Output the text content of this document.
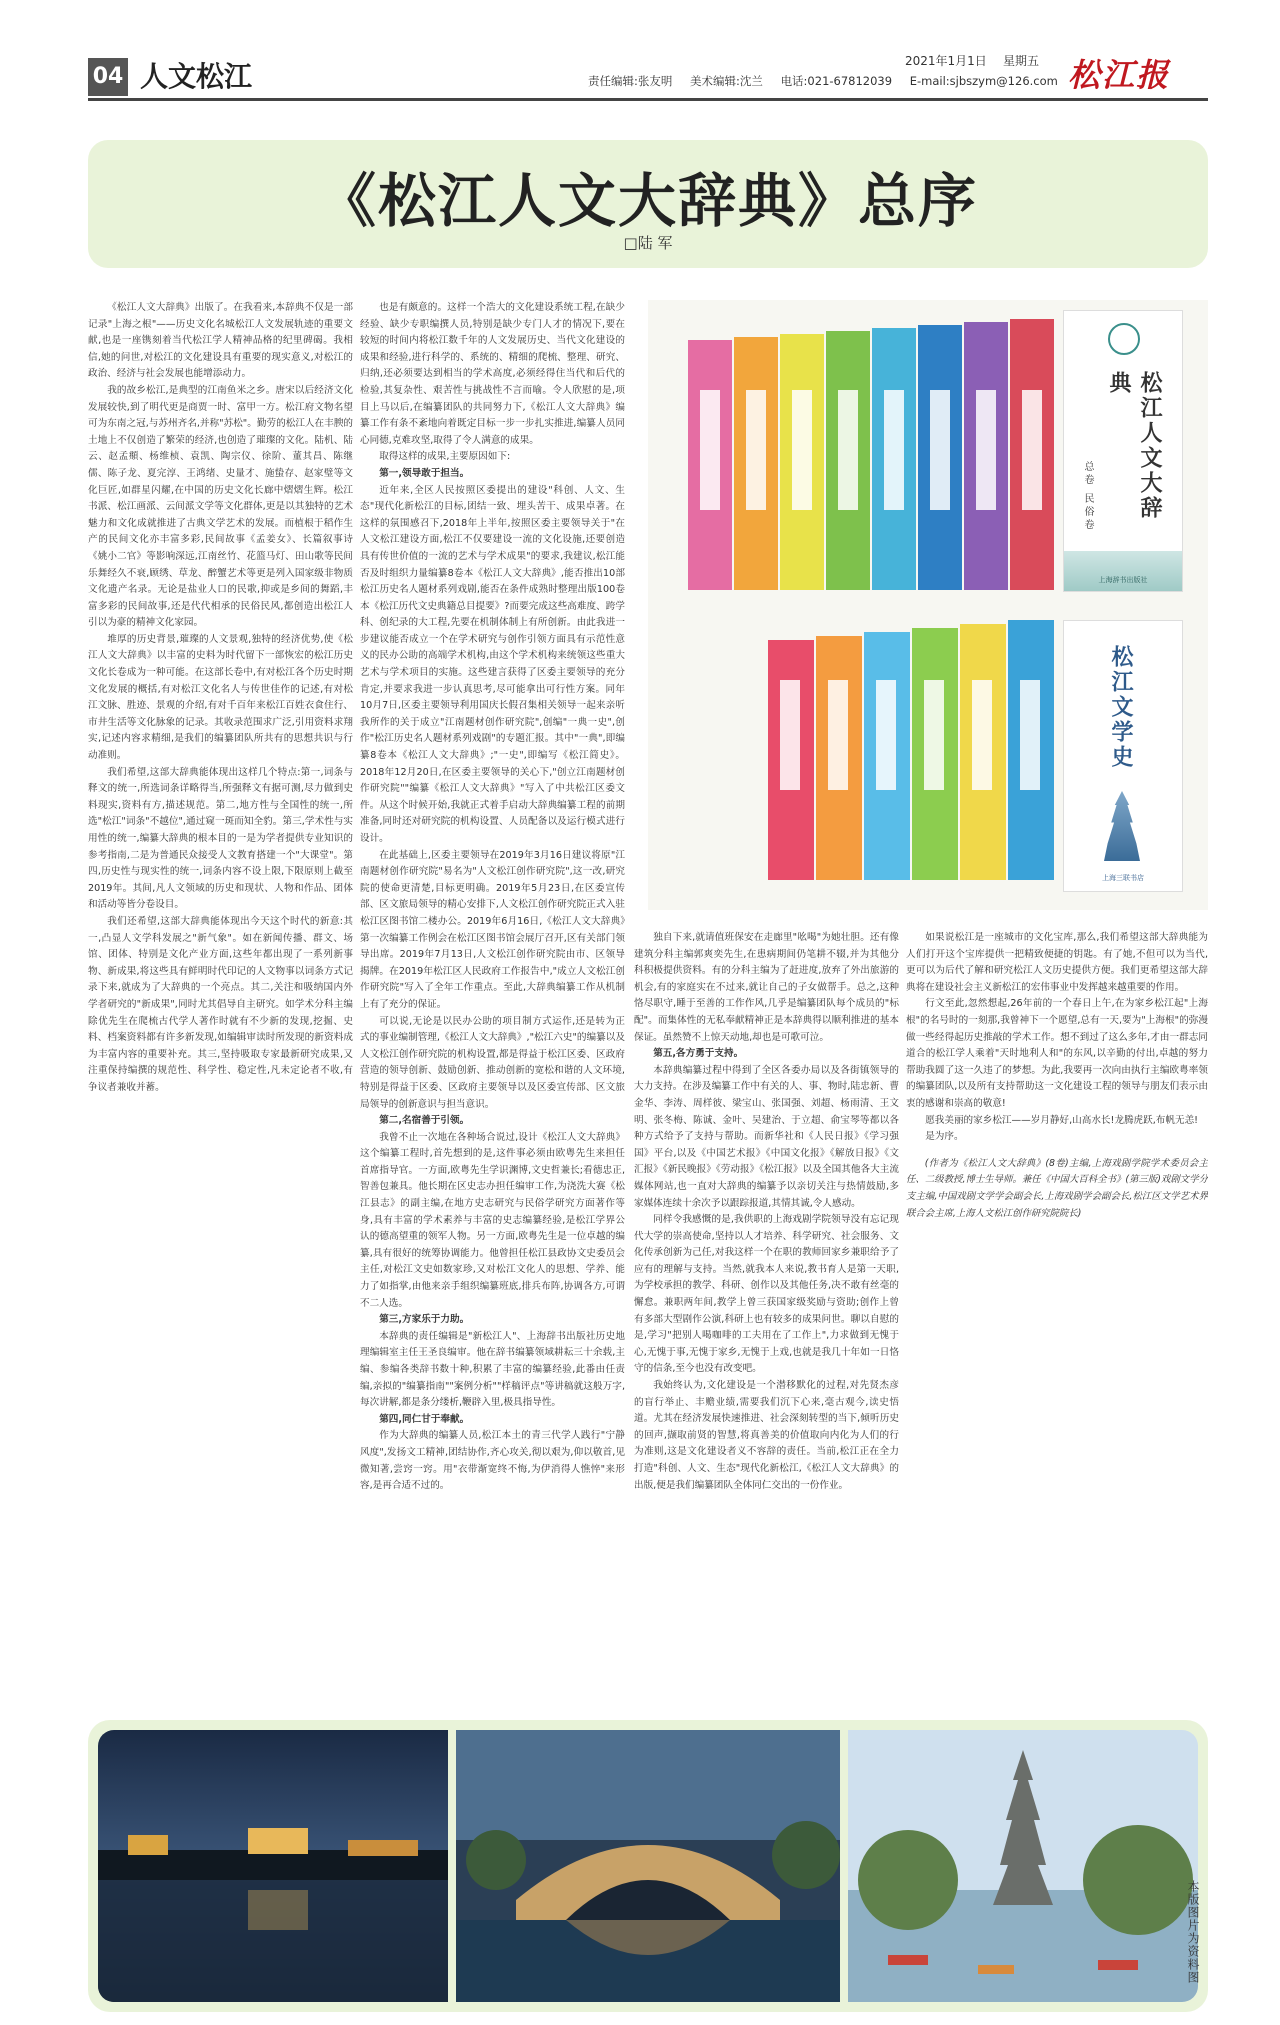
04 人文松江	2021年1月1日 星期五
责任编辑:张友明 美术编辑:沈兰 电话:021-67812039 E-mail:sjbszym@126.com 松江报
《松江人文大辞典》总序
□陆 军

《松江人文大辞典》出版了。在我看来,本辞典不仅是一部记录"上海之根"——历史文化名城松江人文发展轨迹的重要文献,也是一座镌刻着当代松江学人精神品格的纪里碑碣。我相信,她的问世,对松江的文化建设具有重要的现实意义,对松江的政治、经济与社会发展也能增添动力。

我的故乡松江,是典型的江南鱼米之乡。唐宋以后经济文化发展较快,到了明代更是商贾一时、富甲一方。松江府文物名望可为东南之冠,与苏州齐名,并称"苏松"。勤劳的松江人在丰腴的土地上不仅创造了繁荣的经济,也创造了璀璨的文化。陆机、陆云、赵孟頫、杨维桢、袁凯、陶宗仪、徐阶、董其昌、陈继儒、陈子龙、夏完淳、王鸿绪、史量才、施蛰存、赵家璧等文化巨匠,如群星闪耀,在中国的历史文化长廊中熠熠生辉。松江书派、松江画派、云间派文学等文化群体,更是以其独特的艺术魅力和文化成就推进了古典文学艺术的发展。而植根于稻作生产的民间文化亦丰富多彩,民间故事《孟姜女》、长篇叙事诗《姚小二官》等影响深远,江南丝竹、花篮马灯、田山歌等民间乐舞经久不衰,顾绣、草龙、醉蟹艺术等更是列入国家级非物质文化遗产名录。无论是盐业人口的民歌,抑或是乡间的舞蹈,丰富多彩的民间故事,还是代代相承的民俗民风,都创造出松江人引以为豪的精神文化家园。

堆厚的历史背景,璀璨的人文景观,独特的经济优势,使《松江人文大辞典》以丰富的史料为时代留下一部恢宏的松江历史文化长卷成为一种可能。在这部长卷中,有对松江各个历史时期文化发展的概括,有对松江文化名人与传世佳作的记述,有对松江文脉、胜迹、景观的介绍,有对千百年来松江百姓衣食住行、市井生活等文化脉象的记录。其收录范围求广泛,引用资料求翔实,记述内容求精细,是我们的编纂团队所共有的思想共识与行动准则。

我们希望,这部大辞典能体现出这样几个特点:第一,词条与释文的统一,所选词条详略得当,所强释文有据可测,尽力做到史料现实,资料有方,描述规范。第二,地方性与全国性的统一,所选"松江"词条"不越位",通过窥一斑而知全豹。第三,学术性与实用性的统一,编纂大辞典的根本目的一是为学者提供专业知识的参考指南,二是为普通民众接受人文教育搭建一个"大课堂"。第四,历史性与现实性的统一,词条内容不设上限,下限原则上截至2019年。其间,凡人文领域的历史和现状、人物和作品、团体和活动等皆分卷设目。

我们还希望,这部大辞典能体现出今天这个时代的新意:其一,凸显人文学科发展之"新气象"。如在新闻传播、群文、场馆、团体、特别是文化产业方面,这些年都出现了一系列新事物、新成果,将这些具有鲜明时代印记的人文物事以词条方式记录下来,就成为了大辞典的一个亮点。其二,关注和吸纳国内外学者研究的"新成果",同时尤其倡导自主研究。如学术分科主编除优先生在爬梳古代学人著作时就有不少新的发现,挖掘、史料、档案资料都有许多新发现,如编辑审读时所发现的新资料成为丰富内容的重要补充。其三,坚持吸取专家最新研究成果,又注重保持编撰的规范性、科学性、稳定性,凡未定论者不收,有争议者兼收并蓄。

也是有颇意的。这样一个浩大的文化建设系统工程,在缺少经验、缺少专职编撰人员,特别是缺少专门人才的情况下,要在较短的时间内将松江数千年的人文发展历史、当代文化建设的成果和经验,进行科学的、系统的、精细的爬梳、整理、研究、归纳,还必须要达到相当的学术高度,必须经得住当代和后代的检验,其复杂性、艰苦性与挑战性不言而喻。令人欣慰的是,项目上马以后,在编纂团队的共同努力下,《松江人文大辞典》编纂工作有条不紊地向着既定目标一步一步扎实推进,编纂人员同心同德,克难攻坚,取得了令人满意的成果。

取得这样的成果,主要原因如下:

第一,领导敢于担当。

近年来,全区人民按照区委提出的建设"科创、人文、生态"现代化新松江的目标,团结一致、埋头苦干、成果卓著。在这样的氛围感召下,2018年上半年,按照区委主要领导关于"在人文松江建设方面,松江不仅要建设一流的文化设施,还要创造具有传世价值的一流的艺术与学术成果"的要求,我建议,松江能否及时组织力量编纂8卷本《松江人文大辞典》,能否推出10部松江历史名人题材系列戏剧,能否在条件成熟时整理出版100卷本《松江历代文史典籍总目提要》?而要完成这些高难度、跨学科、创纪录的大工程,先要在机制体制上有所创新。由此我进一步建议能否成立一个在学术研究与创作引领方面具有示范性意义的民办公助的高端学术机构,由这个学术机构来统领这些重大艺术与学术项目的实施。这些建言获得了区委主要领导的充分肯定,并要求我进一步认真思考,尽可能拿出可行性方案。同年10月7日,区委主要领导利用国庆长假召集相关领导一起来亲听我所作的关于成立"江南题材创作研究院",创编"一典一史",创作"松江历史名人题材系列戏剧"的专题汇报。其中"一典",即编纂8卷本《松江人文大辞典》;"一史",即编写《松江简史》。2018年12月20日,在区委主要领导的关心下,"创立江南题材创作研究院""编纂《松江人文大辞典》"写入了中共松江区委文件。从这个时候开始,我就正式着手启动大辞典编纂工程的前期准备,同时还对研究院的机构设置、人员配备以及运行模式进行设计。

在此基础上,区委主要领导在2019年3月16日建议将原"江南题材创作研究院"易名为"人文松江创作研究院",这一改,研究院的使命更清楚,目标更明确。2019年5月23日,在区委宣传部、区文旅局领导的精心安排下,人文松江创作研究院正式入驻松江区图书馆二楼办公。2019年6月16日,《松江人文大辞典》第一次编纂工作例会在松江区图书馆会展厅召开,区有关部门领导出席。2019年7月13日,人文松江创作研究院由市、区领导揭牌。在2019年松江区人民政府工作报告中,"成立人文松江创作研究院"写入了全年工作重点。至此,大辞典编纂工作从机制上有了充分的保证。

可以说,无论是以民办公助的项目制方式运作,还是转为正式的事业编制管理,《松江人文大辞典》,"松江六史"的编纂以及人文松江创作研究院的机构设置,都是得益于松江区委、区政府营造的领导创新、鼓励创新、推动创新的宽松和谐的人文环境,特别是得益于区委、区政府主要领导以及区委宣传部、区文旅局领导的创新意识与担当意识。

第二,名宿善于引领。

我曾不止一次地在各种场合说过,设计《松江人文大辞典》这个编纂工程时,首先想到的是,这件事必须由欧粤先生来担任首席指导官。一方面,欧粤先生学识渊博,文史哲兼长;看德忠正,智善包兼具。他长期在区史志办担任编审工作,为浇洗大赛《松江县志》的副主编,在地方史志研究与民俗学研究方面著作等身,具有丰富的学术素养与丰富的史志编纂经验,是松江学界公认的德高望重的领军人物。另一方面,欧粤先生是一位卓越的编纂,具有很好的统筹协调能力。他曾担任松江县政协文史委员会主任,对松江文史如数家珍,又对松江文化人的思想、学养、能力了如指掌,由他来亲手组织编纂班底,排兵布阵,协调各方,可谓不二人选。

第三,方家乐于力助。

本辞典的责任编辑是"新松江人"、上海辞书出版社历史地理编辑室主任王圣良编审。他在辞书编纂领域耕耘三十余载,主编、参编各类辞书数十种,积累了丰富的编纂经验,此番由任责编,亲拟的"编纂指南""案例分析""样稿评点"等讲稿就这般万字,每次讲解,都是条分缕析,鞭辟入里,极具指导性。

第四,同仁甘于奉献。

作为大辞典的编纂人员,松江本土的青三代学人践行"宁静风度",发扬文工精神,团结协作,齐心攻关,彻以艰为,仰以敬首,见微知著,尝窍一窍。用"衣带渐宽终不悔,为伊消得人憔悴"来形容,是再合适不过的。

松江人文大辞典
总卷 民俗卷
上海辞书出版社
松江文学史
上海三联书店

独自下来,就请值班保安在走廊里"吆喝"为她壮胆。还有像建筑分科主编郭爽奕先生,在患病期间仍笔耕不辍,并为其他分科积极提供资料。有的分科主编为了赶进度,放弃了外出旅游的机会,有的家庭实在不过来,就让自己的子女做帮手。总之,这种恪尽职守,睡于至善的工作作风,几乎是编纂团队每个成员的"标配"。而集体性的无私奉献精神正是本辞典得以顺利推进的基本保证。虽然赞不上惊天动地,却也是可歌可泣。

第五,各方勇于支持。

本辞典编纂过程中得到了全区各委办局以及各街镇领导的大力支持。在涉及编纂工作中有关的人、事、物时,陆忠新、曹金华、李涛、周样彼、梁宝山、张国强、刘超、杨雨清、王文明、张冬梅、陈诚、金叶、吴建治、于立超、俞宝琴等都以各种方式给予了支持与帮助。而新华社和《人民日报》《学习强国》平台,以及《中国艺术报》《中国文化报》《解放日报》《文汇报》《新民晚报》《劳动报》《松江报》以及全国其他各大主流媒体网站,也一直对大辞典的编纂予以亲切关注与热情鼓励,多家媒体连续十余次予以跟踪报道,其情其诚,令人感动。

同样令我感慨的是,我供职的上海戏剧学院领导没有忘记现代大学的崇高使命,坚持以人才培养、科学研究、社会服务、文化传承创新为己任,对我这样一个在职的教师回家乡兼职给予了应有的理解与支持。当然,就我本人来说,教书育人是第一天职,为学校承担的教学、科研、创作以及其他任务,决不敢有丝毫的懈怠。兼职两年间,教学上曾三获国家级奖励与资助;创作上曾有多部大型剧作公演,科研上也有较多的成果问世。聊以自慰的是,学习"把别人喝咖啡的工夫用在了工作上",力求做到无愧于心,无愧于事,无愧于家乡,无愧于上戏,也就是我几十年如一日恪守的信条,至今也没有改变吧。

我始终认为,文化建设是一个潜移默化的过程,对先贤杰彦的盲行举止、丰赡业绩,需要我们沉下心来,毫古观今,读史悟道。尤其在经济发展快速推进、社会深刻转型的当下,倾听历史的回声,撷取前贤的智慧,将真善美的价值取向内化为人们的行为准则,这是文化建设者义不容辞的责任。当前,松江正在全力打造"科创、人文、生态"现代化新松江,《松江人文大辞典》的出版,便是我们编纂团队全体同仁交出的一份作业。

如果说松江是一座城市的文化宝库,那么,我们希望这部大辞典能为人们打开这个宝库提供一把精致便捷的钥匙。有了她,不但可以为当代,更可以为后代了解和研究松江人文历史提供方便。我们更希望这部大辞典将在建设社会主义新松江的宏伟事业中发挥越来越重要的作用。

行文至此,忽然想起,26年前的一个春日上午,在为家乡松江起"上海根"的名号时的一刻那,我曾神下一个愿望,总有一天,要为"上海根"的弥漫做一些经得起历史推敲的学术工作。想不到过了这么多年,才由一群志同道合的松江学人乘着"天时地利人和"的东风,以辛勤的付出,卓越的努力帮助我圆了这一久违了的梦想。为此,我要再一次向由执行主编欧粤率领的编纂团队,以及所有支持帮助这一文化建设工程的领导与朋友们表示由衷的感谢和崇高的敬意!

愿我美丽的家乡松江——岁月静好,山高水长!龙腾虎跃,布帆无恙!

是为序。

(作者为《松江人文大辞典》(8卷)主编,上海戏剧学院学术委员会主任、二级教授,博士生导师。兼任《中国大百科全书》(第三版)戏剧文学分支主编,中国戏剧文学学会副会长,上海戏剧学会副会长,松江区文学艺术界联合会主席,上海人文松江创作研究院院长)

本版图片为资料图
